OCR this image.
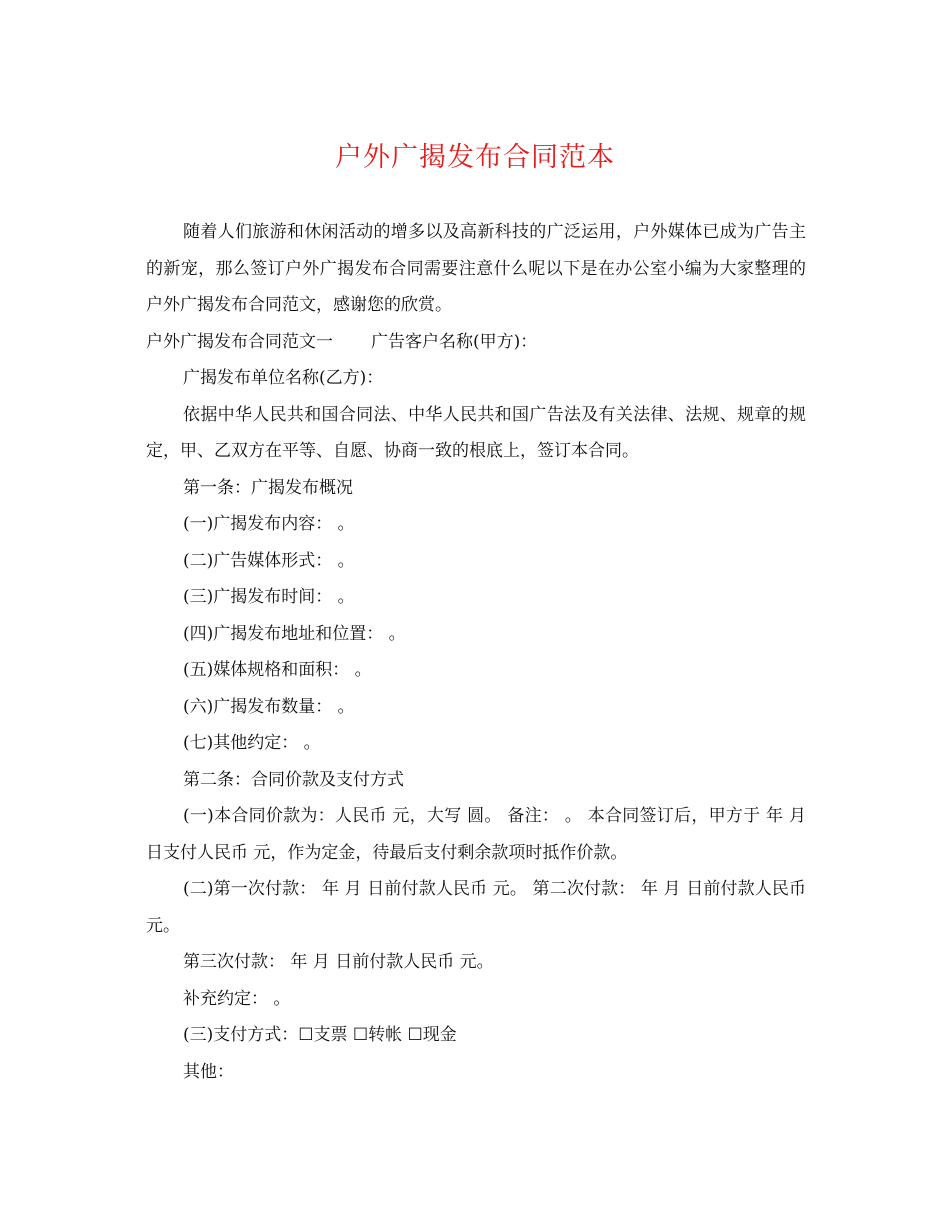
户外广揭发布合同范本

随着人们旅游和休闲活动的增多以及高新科技的广泛运用，户外媒体已成为广告主的新宠，那么签订户外广揭发布合同需要注意什么呢以下是在办公室小编为大家整理的户外广揭发布合同范文，感谢您的欣赏。

户外广揭发布合同范文一 广告客户名称(甲方)：

广揭发布单位名称(乙方)：

依据中华人民共和国合同法、中华人民共和国广告法及有关法律、法规、规章的规定，甲、乙双方在平等、自愿、协商一致的根底上，签订本合同。

第一条：广揭发布概况

(一)广揭发布内容： 。

(二)广告媒体形式： 。

(三)广揭发布时间： 。

(四)广揭发布地址和位置： 。

(五)媒体规格和面积： 。

(六)广揭发布数量： 。

(七)其他约定： 。

第二条：合同价款及支付方式

(一)本合同价款为：人民币 元，大写 圆。 备注： 。 本合同签订后，甲方于 年 月 日支付人民币 元，作为定金，待最后支付剩余款项时抵作价款。

(二)第一次付款： 年 月 日前付款人民币 元。 第二次付款： 年 月 日前付款人民币 元。

第三次付款： 年 月 日前付款人民币 元。

补充约定： 。

(三)支付方式：☐支票 ☐转帐 ☐现金

其他：
